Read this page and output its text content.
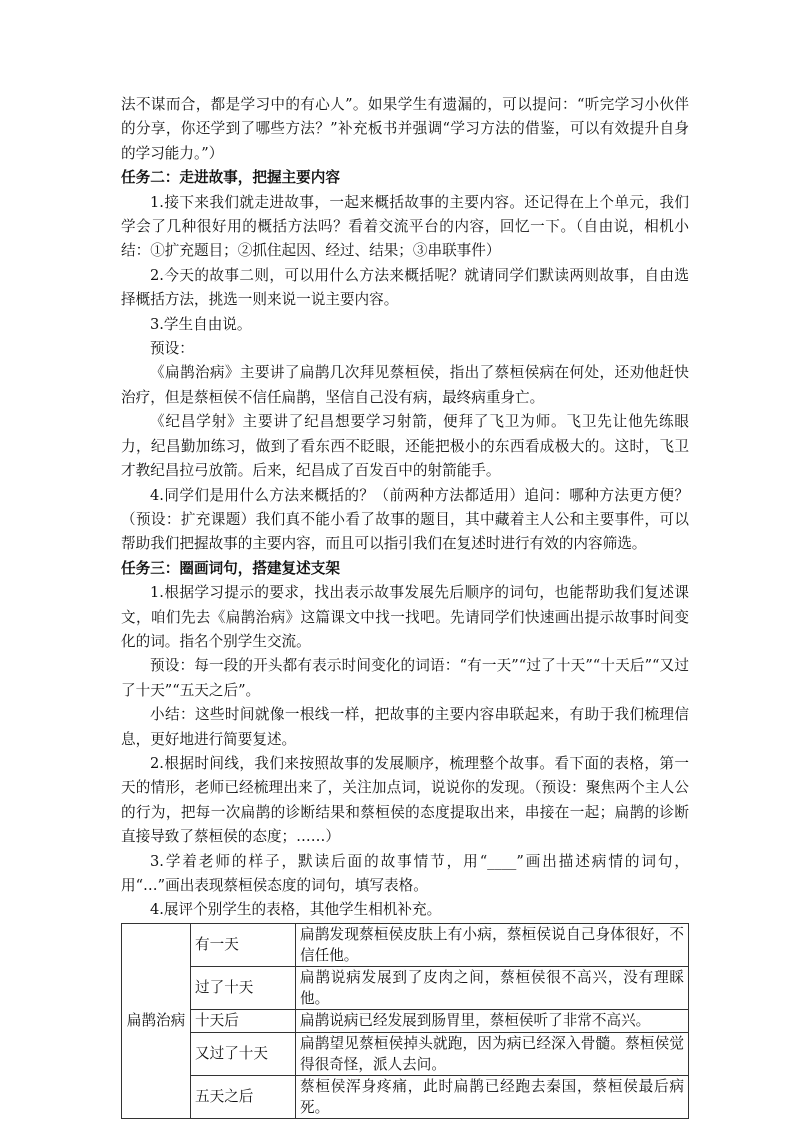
法不谋而合，都是学习中的有心人”。如果学生有遗漏的，可以提问：“听完学习小伙伴的分享，你还学到了哪些方法？”补充板书并强调“学习方法的借鉴，可以有效提升自身的学习能力。”）

任务二：走进故事，把握主要内容

1.接下来我们就走进故事，一起来概括故事的主要内容。还记得在上个单元，我们学会了几种很好用的概括方法吗？看着交流平台的内容，回忆一下。（自由说，相机小结：①扩充题目；②抓住起因、经过、结果；③串联事件）

2.今天的故事二则，可以用什么方法来概括呢？就请同学们默读两则故事，自由选择概括方法，挑选一则来说一说主要内容。

3.学生自由说。

预设：

《扁鹊治病》主要讲了扁鹊几次拜见蔡桓侯，指出了蔡桓侯病在何处，还劝他赶快治疗，但是蔡桓侯不信任扁鹊，坚信自己没有病，最终病重身亡。

《纪昌学射》主要讲了纪昌想要学习射箭，便拜了飞卫为师。飞卫先让他先练眼力，纪昌勤加练习，做到了看东西不眨眼，还能把极小的东西看成极大的。这时，飞卫才教纪昌拉弓放箭。后来，纪昌成了百发百中的射箭能手。

4.同学们是用什么方法来概括的？（前两种方法都适用）追问：哪种方法更方便？（预设：扩充课题）我们真不能小看了故事的题目，其中藏着主人公和主要事件，可以帮助我们把握故事的主要内容，而且可以指引我们在复述时进行有效的内容筛选。

任务三：圈画词句，搭建复述支架

1.根据学习提示的要求，找出表示故事发展先后顺序的词句，也能帮助我们复述课文，咱们先去《扁鹊治病》这篇课文中找一找吧。先请同学们快速画出提示故事时间变化的词。指名个别学生交流。

预设：每一段的开头都有表示时间变化的词语：“有一天”“过了十天”“十天后”“又过了十天”“五天之后”。

小结：这些时间就像一根线一样，把故事的主要内容串联起来，有助于我们梳理信息，更好地进行简要复述。

2.根据时间线，我们来按照故事的发展顺序，梳理整个故事。看下面的表格，第一天的情形，老师已经梳理出来了，关注加点词，说说你的发现。（预设：聚焦两个主人公的行为，把每一次扁鹊的诊断结果和蔡桓侯的态度提取出来，串接在一起；扁鹊的诊断直接导致了蔡桓侯的态度；……）

3.学着老师的样子，默读后面的故事情节，用“____”画出描述病情的词句，用“…”画出表现蔡桓侯态度的词句，填写表格。

4.展评个别学生的表格，其他学生相机补充。

扁鹊治病	有一天	扁鹊发现蔡桓侯皮肤上有小病，蔡桓侯说自己身体很好，不信任他。
	过了十天	扁鹊说病发展到了皮肉之间，蔡桓侯很不高兴，没有理睬他。
	十天后	扁鹊说病已经发展到肠胃里，蔡桓侯听了非常不高兴。
	又过了十天	扁鹊望见蔡桓侯掉头就跑，因为病已经深入骨髓。蔡桓侯觉得很奇怪，派人去问。
	五天之后	蔡桓侯浑身疼痛，此时扁鹊已经跑去秦国，蔡桓侯最后病死。
